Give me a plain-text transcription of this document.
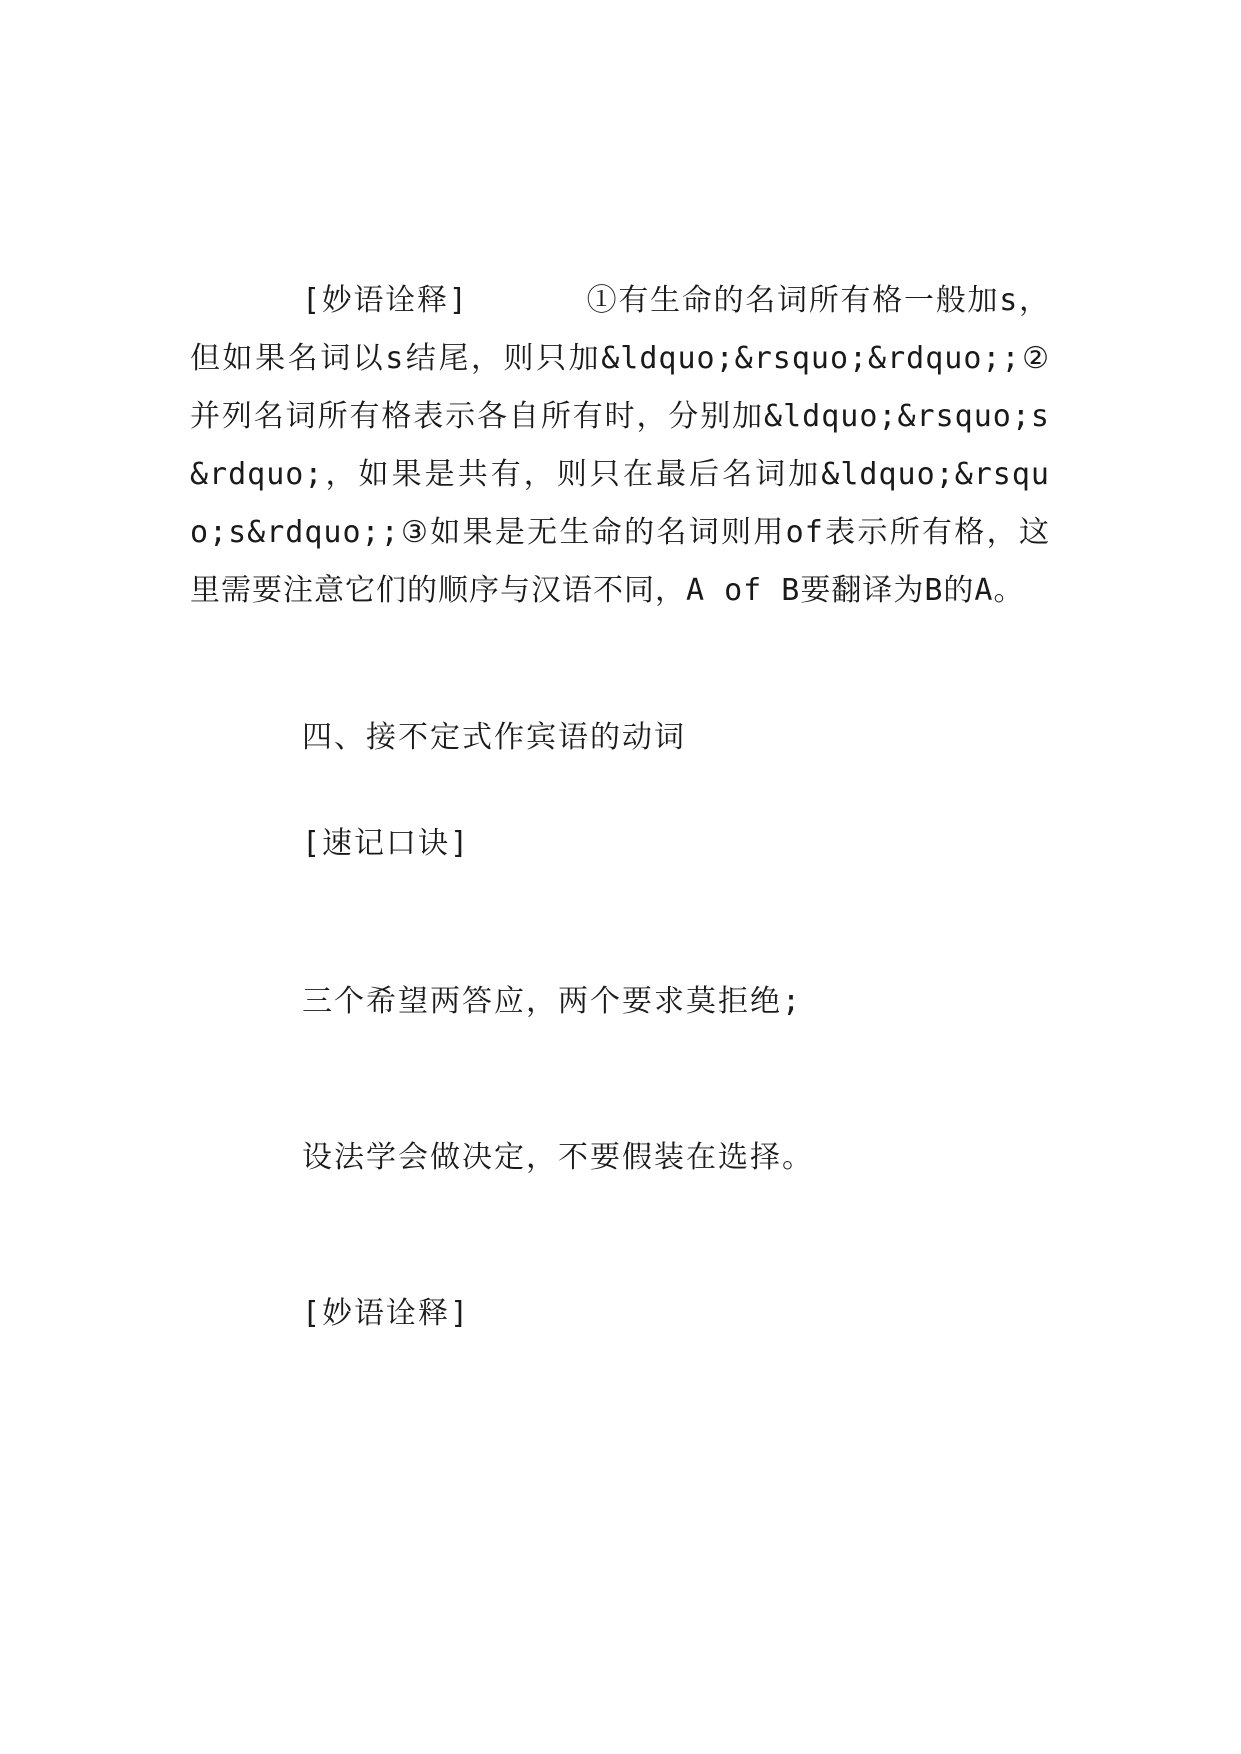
[妙语诠释]	①有生命的名词所有格一般加s，但如果名词以s结尾，则只加&ldquo;&rsquo;&rdquo;;②并列名词所有格表示各自所有时，分别加&ldquo;&rsquo;s&rdquo;，如果是共有，则只在最后名词加&ldquo;&rsquo;s&rdquo;;③如果是无生命的名词则用of表示所有格，这里需要注意它们的顺序与汉语不同，A of B要翻译为B的A。
四、接不定式作宾语的动词
[速记口诀]
三个希望两答应，两个要求莫拒绝;
设法学会做决定，不要假装在选择。
[妙语诠释]
